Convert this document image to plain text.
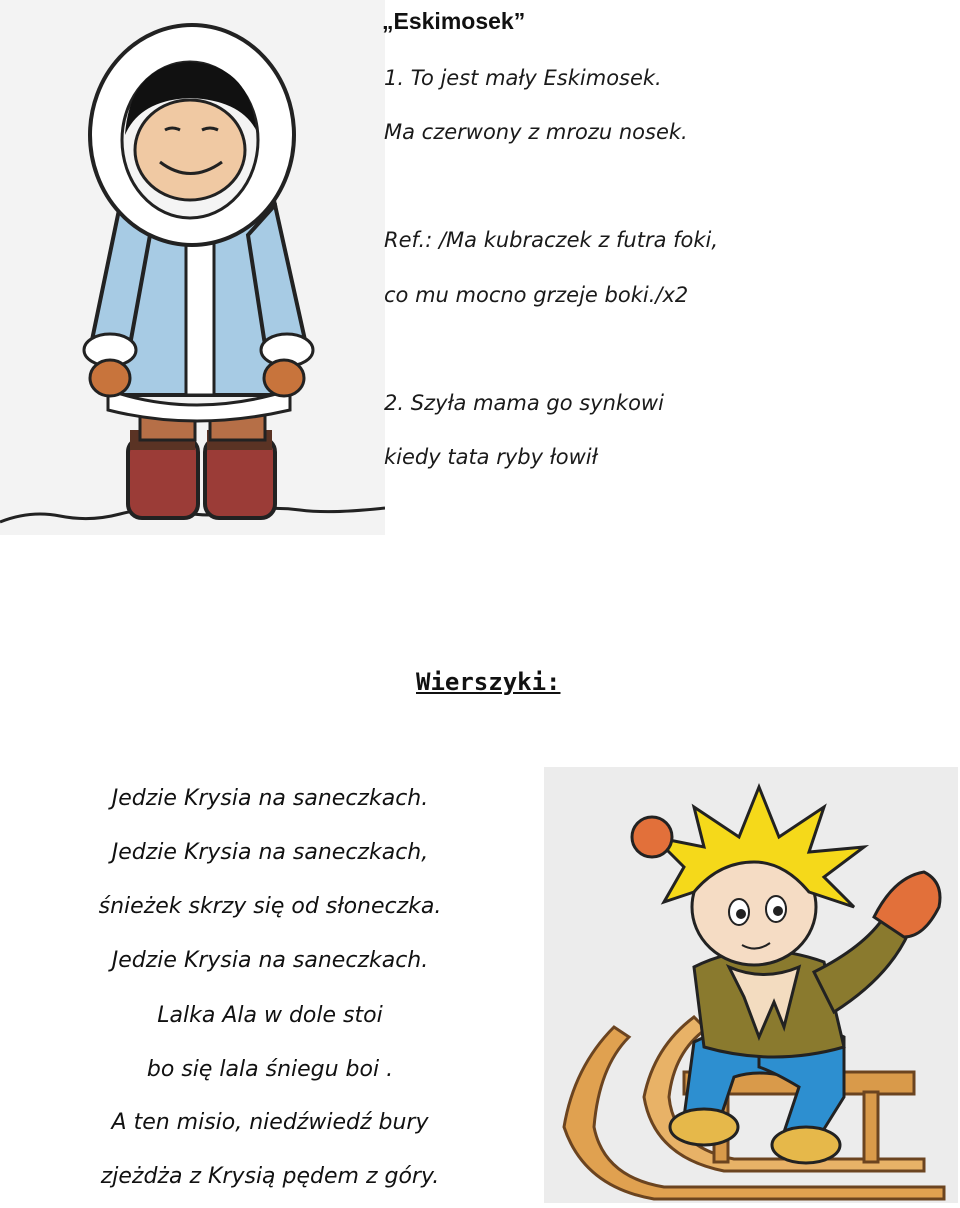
„Eskimosek”
1. To jest mały Eskimosek.
Ma czerwony z mrozu nosek.
Ref.: /Ma kubraczek z futra foki,
co mu mocno grzeje boki./x2
2. Szyła mama go synkowi
kiedy tata ryby łowił
Wierszyki:
Jedzie Krysia na saneczkach.
Jedzie Krysia na saneczkach,
śnieżek skrzy się od słoneczka.
Jedzie Krysia na saneczkach.
Lalka Ala w dole stoi
bo się lala śniegu boi .
A ten misio, niedźwiedź bury
zjeżdża z Krysią pędem z góry.
